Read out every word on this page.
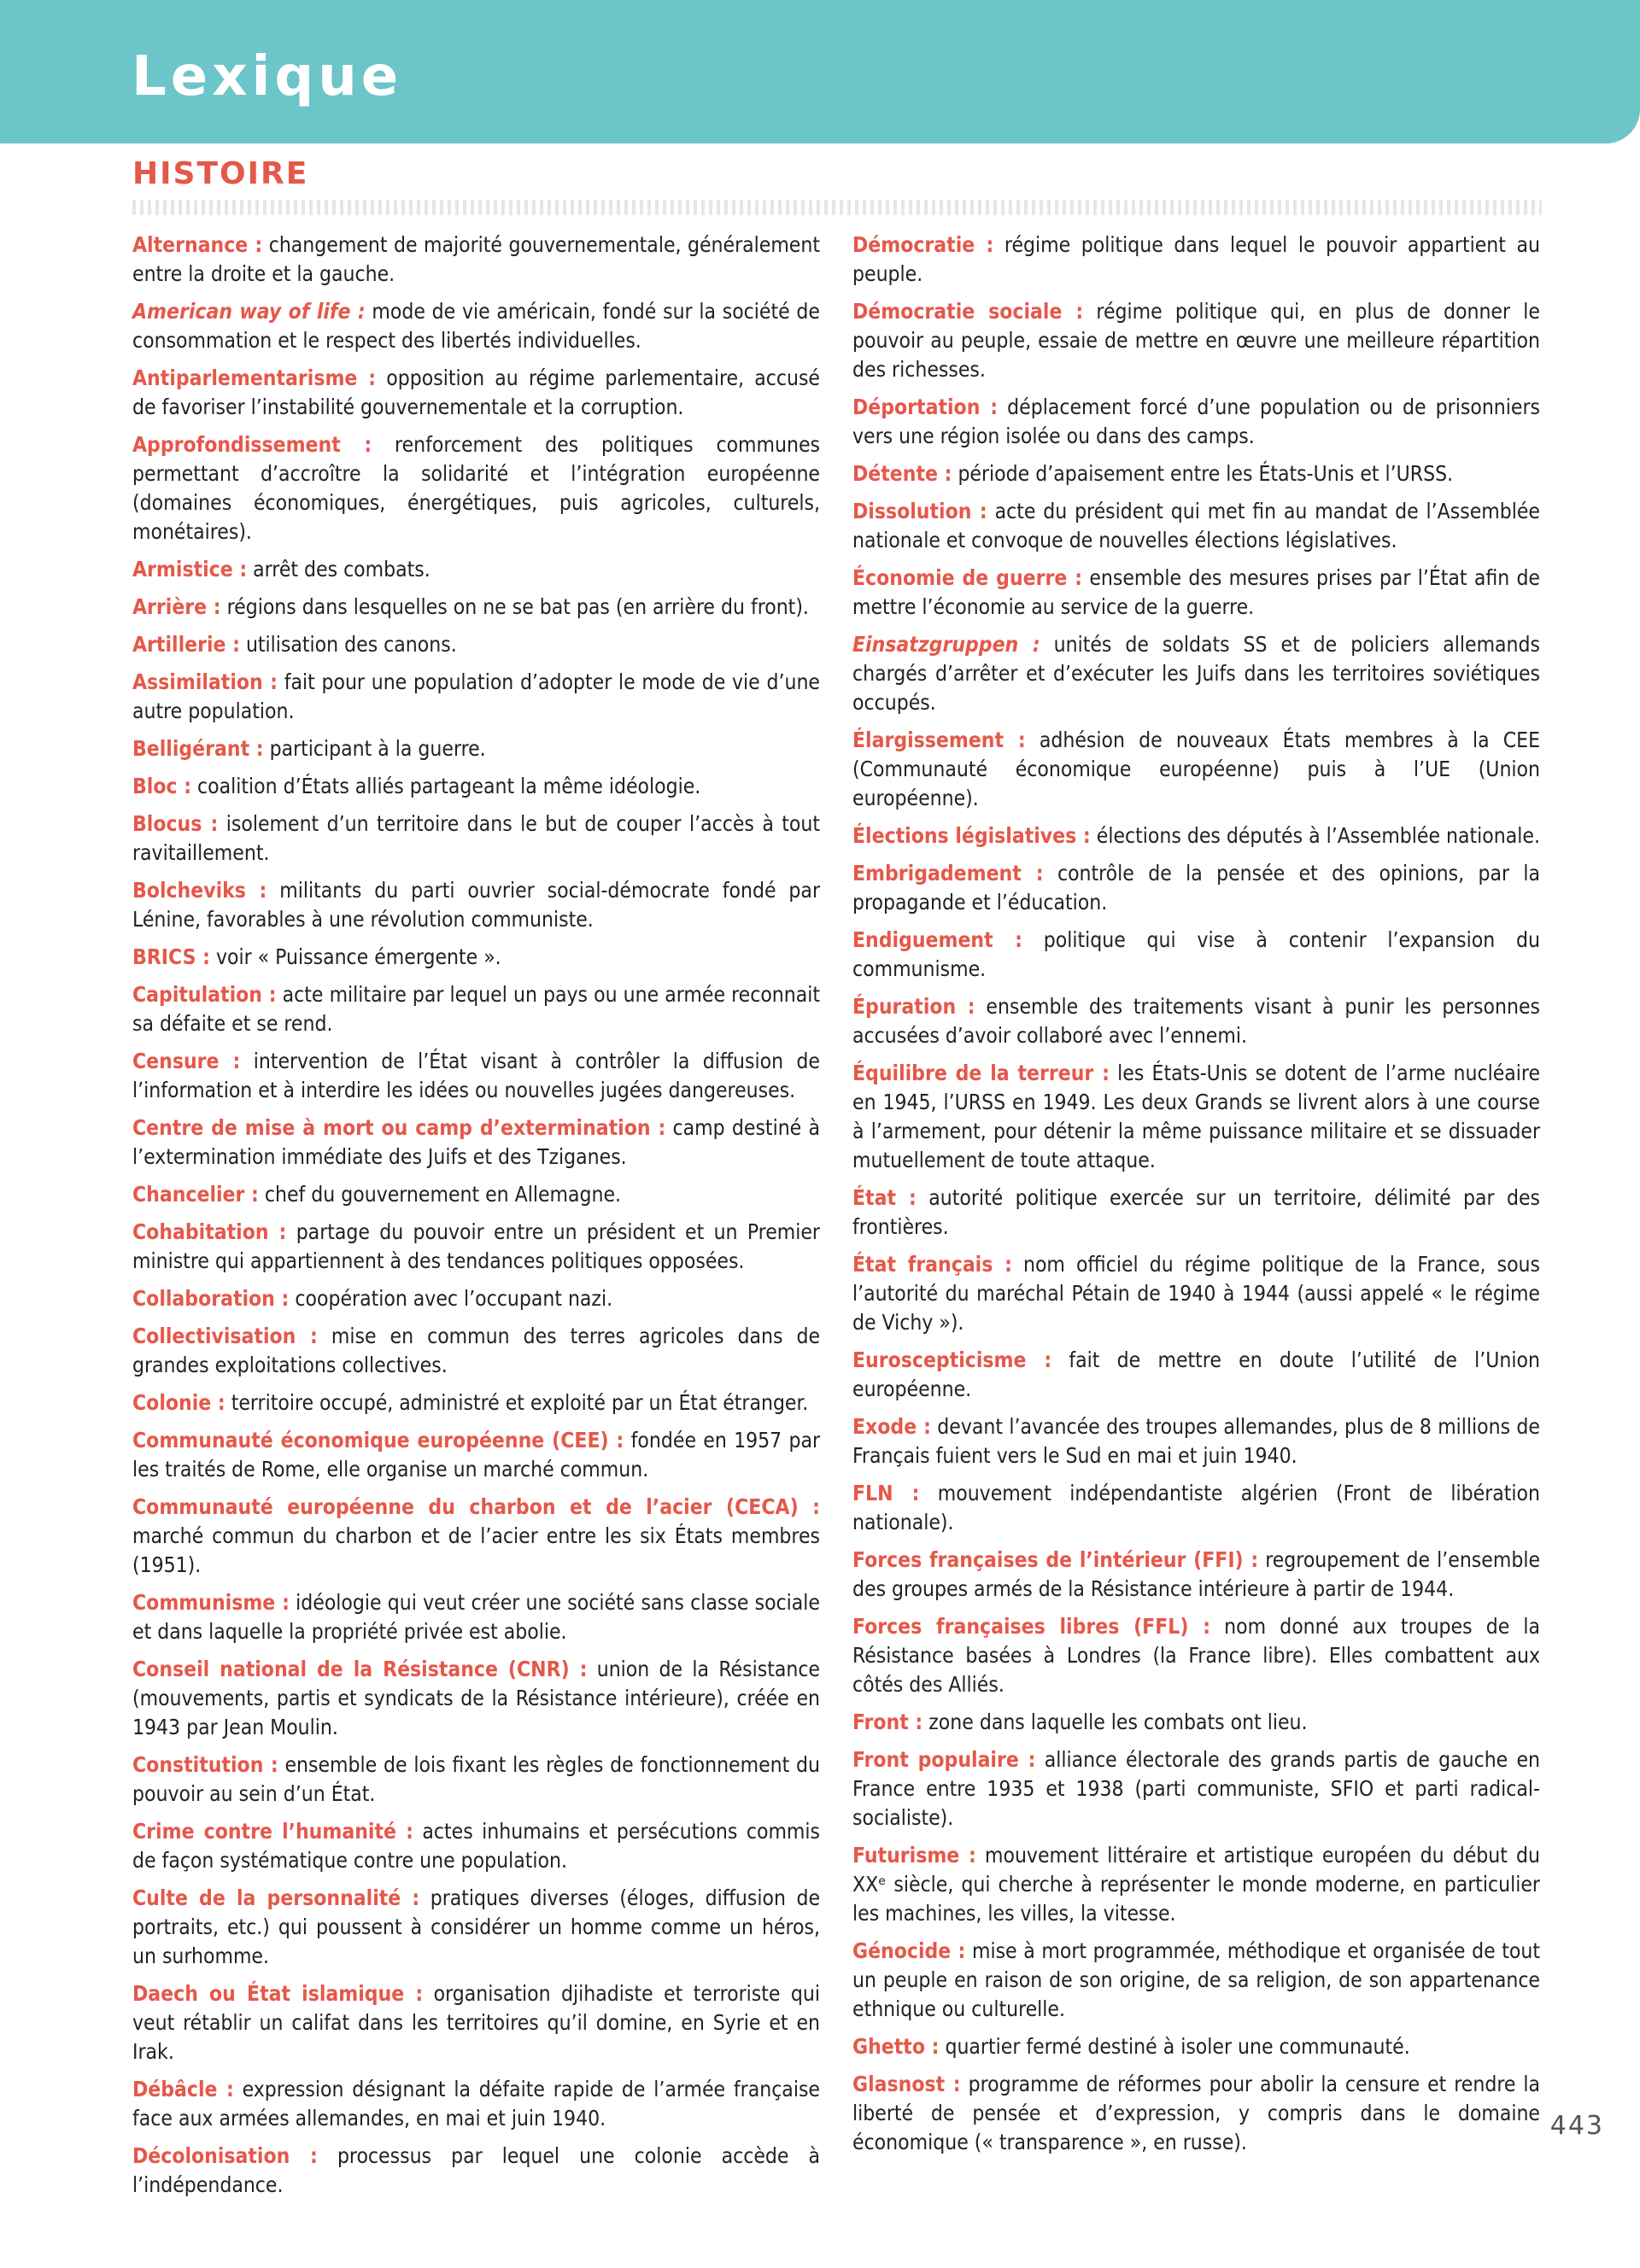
Lexique
HISTOIRE

Alternance : changement de majorité gouvernementale, généralement entre la droite et la gauche.

American way of life : mode de vie américain, fondé sur la société de consommation et le respect des libertés individuelles.

Antiparlementarisme : opposition au régime parlementaire, accusé de favoriser l’instabilité gouvernementale et la corruption.

Approfondissement : renforcement des politiques communes permettant d’accroître la solidarité et l’intégration européenne (domaines économiques, énergétiques, puis agricoles, culturels, monétaires).

Armistice : arrêt des combats.

Arrière : régions dans lesquelles on ne se bat pas (en arrière du front).

Artillerie : utilisation des canons.

Assimilation : fait pour une population d’adopter le mode de vie d’une autre population.

Belligérant : participant à la guerre.

Bloc : coalition d’États alliés partageant la même idéologie.

Blocus : isolement d’un territoire dans le but de couper l’accès à tout ravitaillement.

Bolcheviks : militants du parti ouvrier social-démocrate fondé par Lénine, favorables à une révolution communiste.

BRICS : voir « Puissance émergente ».

Capitulation : acte militaire par lequel un pays ou une armée reconnait sa défaite et se rend.

Censure : intervention de l’État visant à contrôler la diffusion de l’information et à interdire les idées ou nouvelles jugées dangereuses.

Centre de mise à mort ou camp d’extermination : camp destiné à l’extermination immédiate des Juifs et des Tziganes.

Chancelier : chef du gouvernement en Allemagne.

Cohabitation : partage du pouvoir entre un président et un Premier ministre qui appartiennent à des tendances politiques opposées.

Collaboration : coopération avec l’occupant nazi.

Collectivisation : mise en commun des terres agricoles dans de grandes exploitations collectives.

Colonie : territoire occupé, administré et exploité par un État étranger.

Communauté économique européenne (CEE) : fondée en 1957 par les traités de Rome, elle organise un marché commun.

Communauté européenne du charbon et de l’acier (CECA) : marché commun du charbon et de l’acier entre les six États membres (1951).

Communisme : idéologie qui veut créer une société sans classe sociale et dans laquelle la propriété privée est abolie.

Conseil national de la Résistance (CNR) : union de la Résistance (mouvements, partis et syndicats de la Résistance intérieure), créée en 1943 par Jean Moulin.

Constitution : ensemble de lois fixant les règles de fonctionnement du pouvoir au sein d’un État.

Crime contre l’humanité : actes inhumains et persécutions commis de façon systématique contre une population.

Culte de la personnalité : pratiques diverses (éloges, diffusion de portraits, etc.) qui poussent à considérer un homme comme un héros, un surhomme.

Daech ou État islamique : organisation djihadiste et terroriste qui veut rétablir un califat dans les territoires qu’il domine, en Syrie et en Irak.

Débâcle : expression désignant la défaite rapide de l’armée française face aux armées allemandes, en mai et juin 1940.

Décolonisation : processus par lequel une colonie accède à l’indépendance.

Démocratie : régime politique dans lequel le pouvoir appartient au peuple.

Démocratie sociale : régime politique qui, en plus de donner le pouvoir au peuple, essaie de mettre en œuvre une meilleure répartition des richesses.

Déportation : déplacement forcé d’une population ou de prisonniers vers une région isolée ou dans des camps.

Détente : période d’apaisement entre les États-Unis et l’URSS.

Dissolution : acte du président qui met fin au mandat de l’Assemblée nationale et convoque de nouvelles élections législatives.

Économie de guerre : ensemble des mesures prises par l’État afin de mettre l’économie au service de la guerre.

Einsatzgruppen : unités de soldats SS et de policiers allemands chargés d’arrêter et d’exécuter les Juifs dans les territoires soviétiques occupés.

Élargissement : adhésion de nouveaux États membres à la CEE (Communauté économique européenne) puis à l’UE (Union européenne).

Élections législatives : élections des députés à l’Assemblée nationale.

Embrigadement : contrôle de la pensée et des opinions, par la propagande et l’éducation.

Endiguement : politique qui vise à contenir l’expansion du communisme.

Épuration : ensemble des traitements visant à punir les personnes accusées d’avoir collaboré avec l’ennemi.

Équilibre de la terreur : les États-Unis se dotent de l’arme nucléaire en 1945, l’URSS en 1949. Les deux Grands se livrent alors à une course à l’armement, pour détenir la même puissance militaire et se dissuader mutuellement de toute attaque.

État : autorité politique exercée sur un territoire, délimité par des frontières.

État français : nom officiel du régime politique de la France, sous l’autorité du maréchal Pétain de 1940 à 1944 (aussi appelé « le régime de Vichy »).

Euroscepticisme : fait de mettre en doute l’utilité de l’Union européenne.

Exode : devant l’avancée des troupes allemandes, plus de 8 millions de Français fuient vers le Sud en mai et juin 1940.

FLN : mouvement indépendantiste algérien (Front de libération nationale).

Forces françaises de l’intérieur (FFI) : regroupement de l’ensemble des groupes armés de la Résistance intérieure à partir de 1944.

Forces françaises libres (FFL) : nom donné aux troupes de la Résistance basées à Londres (la France libre). Elles combattent aux côtés des Alliés.

Front : zone dans laquelle les combats ont lieu.

Front populaire : alliance électorale des grands partis de gauche en France entre 1935 et 1938 (parti communiste, SFIO et parti radical-socialiste).

Futurisme : mouvement littéraire et artistique européen du début du XXᵉ siècle, qui cherche à représenter le monde moderne, en particulier les machines, les villes, la vitesse.

Génocide : mise à mort programmée, méthodique et organisée de tout un peuple en raison de son origine, de sa religion, de son appartenance ethnique ou culturelle.

Ghetto : quartier fermé destiné à isoler une communauté.

Glasnost : programme de réformes pour abolir la censure et rendre la liberté de pensée et d’expression, y compris dans le domaine économique (« transparence », en russe).

443
